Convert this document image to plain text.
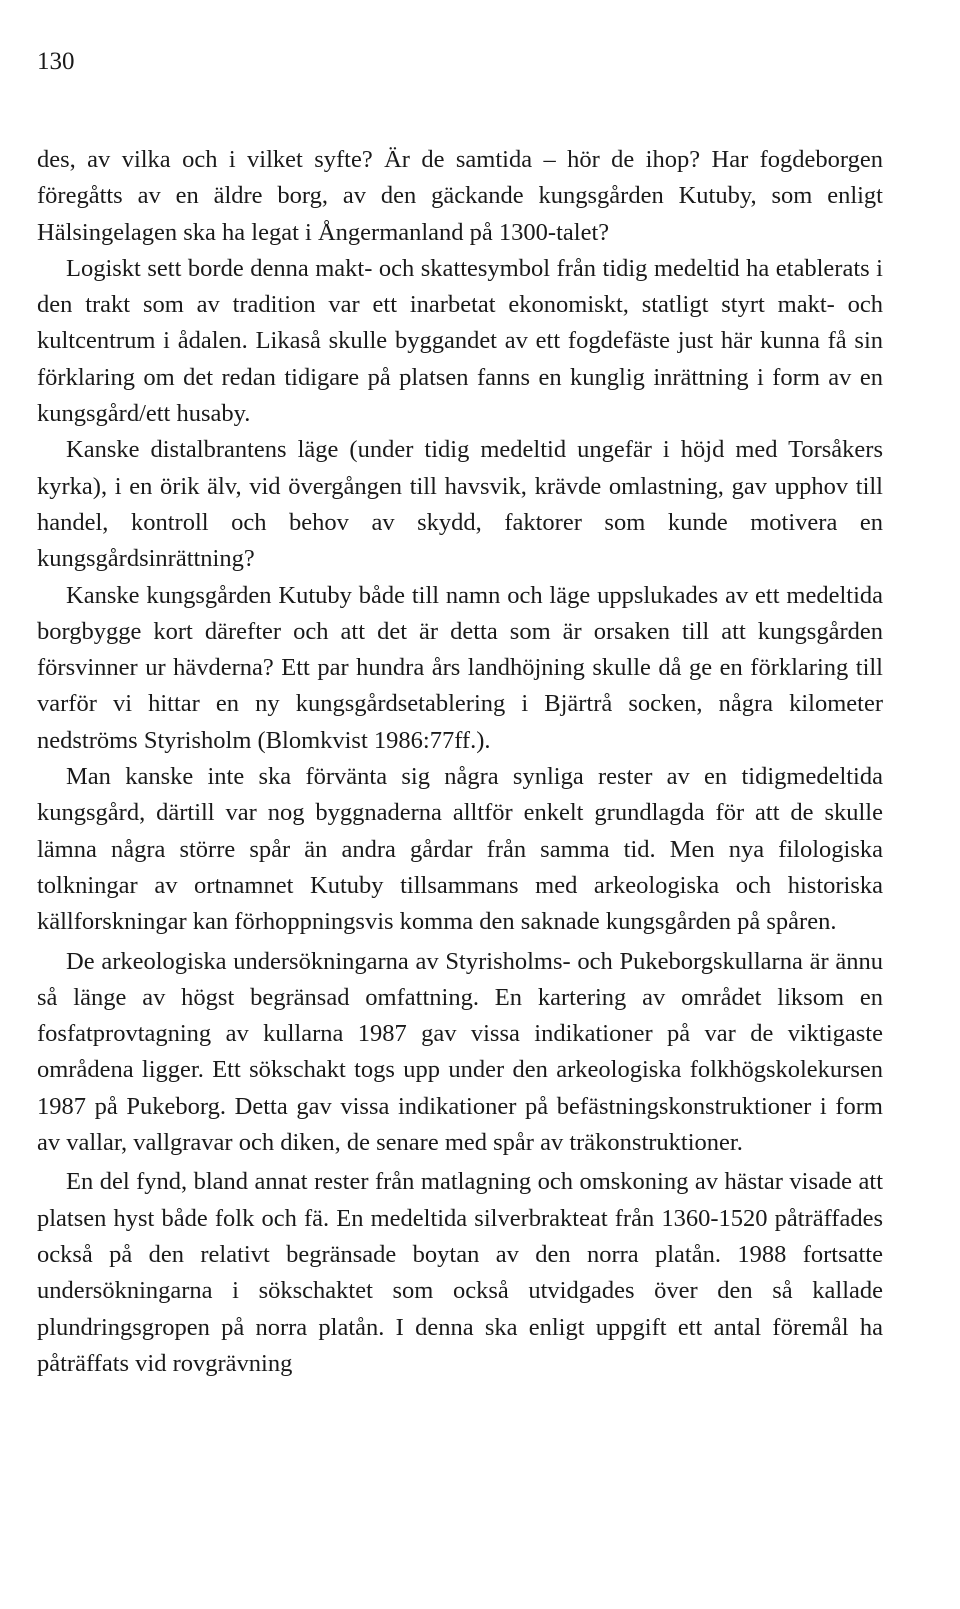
130

des, av vilka och i vilket syfte? Är de samtida – hör de ihop? Har fogdeborgen föregåtts av en äldre borg, av den gäckande kungsgården Kutuby, som enligt Hälsingelagen ska ha legat i Ångermanland på 1300-talet?

Logiskt sett borde denna makt- och skattesymbol från tidig medeltid ha etablerats i den trakt som av tradition var ett inarbetat ekonomiskt, statligt styrt makt- och kultcentrum i ådalen. Likaså skulle byggandet av ett fogdefäste just här kunna få sin förklaring om det redan tidigare på platsen fanns en kunglig inrättning i form av en kungsgård/ett husaby.

Kanske distalbrantens läge (under tidig medeltid ungefär i höjd med Torsåkers kyrka), i en örik älv, vid övergången till havsvik, krävde omlastning, gav upphov till handel, kontroll och behov av skydd, faktorer som kunde motivera en kungsgårdsinrättning?

Kanske kungsgården Kutuby både till namn och läge uppslukades av ett medeltida borgbygge kort därefter och att det är detta som är orsaken till att kungsgården försvinner ur hävderna? Ett par hundra års landhöjning skulle då ge en förklaring till varför vi hittar en ny kungsgårdsetablering i Bjärtrå socken, några kilometer nedströms Styrisholm (Blomkvist 1986:77ff.).

Man kanske inte ska förvänta sig några synliga rester av en tidigmedeltida kungsgård, därtill var nog byggnaderna alltför enkelt grundlagda för att de skulle lämna några större spår än andra gårdar från samma tid. Men nya filologiska tolkningar av ortnamnet Kutuby tillsammans med arkeologiska och historiska källforskningar kan förhoppningsvis komma den saknade kungsgården på spåren.

De arkeologiska undersökningarna av Styrisholms- och Pukeborgskullarna är ännu så länge av högst begränsad omfattning. En kartering av området liksom en fosfatprovtagning av kullarna 1987 gav vissa indikationer på var de viktigaste områdena ligger. Ett sökschakt togs upp under den arkeologiska folkhögskolekursen 1987 på Pukeborg. Detta gav vissa indikationer på befästningskonstruktioner i form av vallar, vallgravar och diken, de senare med spår av träkonstruktioner.

En del fynd, bland annat rester från matlagning och omskoning av hästar visade att platsen hyst både folk och fä. En medeltida silverbrakteat från 1360-1520 påträffades också på den relativt begränsade boytan av den norra platån. 1988 fortsatte undersökningarna i sökschaktet som också utvidgades över den så kallade plundringsgropen på norra platån. I denna ska enligt uppgift ett antal föremål ha påträffats vid rovgrävning
